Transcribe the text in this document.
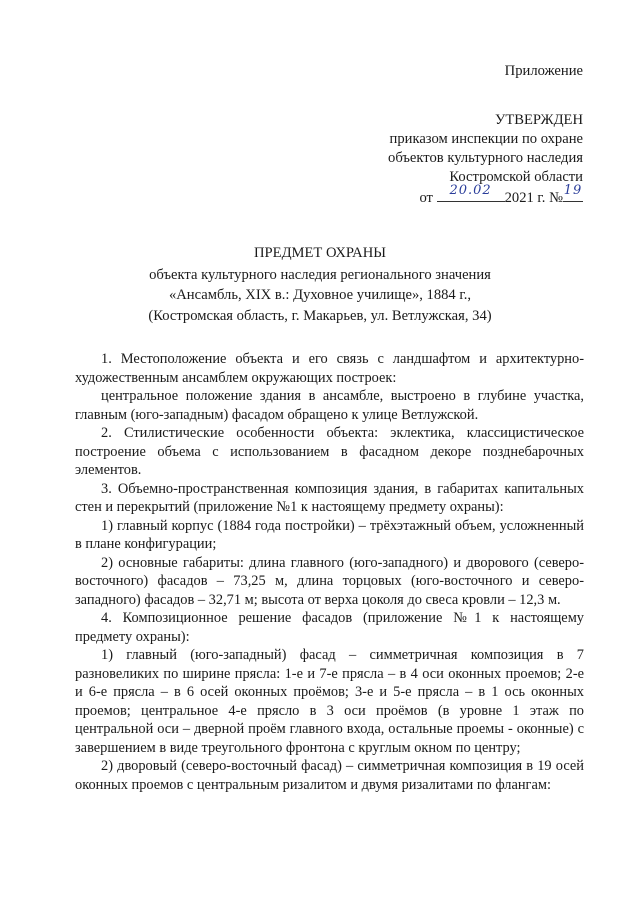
Приложение
УТВЕРЖДЕН
приказом инспекции по охране
объектов культурного наследия
Костромской области
от	20.02 2021 г. № 19
ПРЕДМЕТ ОХРАНЫ
объекта культурного наследия регионального значения
«Ансамбль, XIX в.: Духовное училище», 1884 г.,
(Костромская область, г. Макарьев, ул. Ветлужская, 34)

1. Местоположение объекта и его связь с ландшафтом и архитектурно-художественным ансамблем окружающих построек:

центральное положение здания в ансамбле, выстроено в глубине участка, главным (юго-западным) фасадом обращено к улице Ветлужской.

2. Стилистические особенности объекта: эклектика, классицистическое построение объема с использованием в фасадном декоре позднебарочных элементов.

3. Объемно-пространственная композиция здания, в габаритах капитальных стен и перекрытий (приложение №1 к настоящему предмету охраны):

1) главный корпус (1884 года постройки) – трёхэтажный объем, усложненный в плане конфигурации;

2) основные габариты: длина главного (юго-западного) и дворового (северо-восточного) фасадов – 73,25 м, длина торцовых (юго-восточного и северо-западного) фасадов – 32,71 м; высота от верха цоколя до свеса кровли – 12,3 м.

4. Композиционное решение фасадов (приложение №1 к настоящему предмету охраны):

1) главный (юго-западный) фасад – симметричная композиция в 7 разновеликих по ширине прясла: 1-е и 7-е прясла – в 4 оси оконных проемов; 2-е и 6-е прясла – в 6 осей оконных проёмов; 3-е и 5-е прясла – в 1 ось оконных проемов; центральное 4-е прясло в 3 оси проёмов (в уровне 1 этаж по центральной оси – дверной проём главного входа, остальные проемы - оконные) с завершением в виде треугольного фронтона с круглым окном по центру;

2) дворовый (северо-восточный фасад) – симметричная композиция в 19 осей оконных проемов с центральным ризалитом и двумя ризалитами по флангам:
